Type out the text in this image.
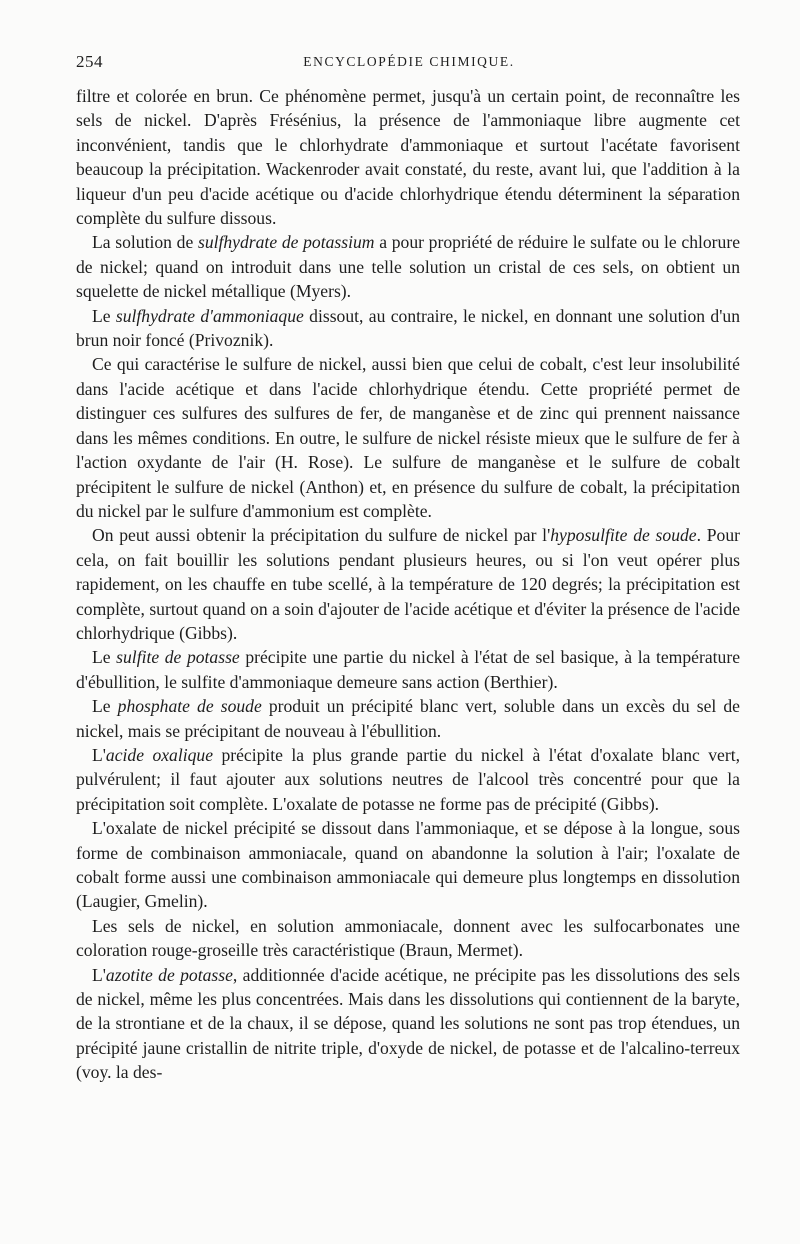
254	ENCYCLOPÉDIE CHIMIQUE.

filtre et colorée en brun. Ce phénomène permet, jusqu'à un certain point, de reconnaître les sels de nickel. D'après Frésénius, la présence de l'ammoniaque libre augmente cet inconvénient, tandis que le chlorhydrate d'ammoniaque et surtout l'acétate favorisent beaucoup la précipitation. Wackenroder avait constaté, du reste, avant lui, que l'addition à la liqueur d'un peu d'acide acétique ou d'acide chlorhydrique étendu déterminent la séparation complète du sulfure dissous.

La solution de sulfhydrate de potassium a pour propriété de réduire le sulfate ou le chlorure de nickel; quand on introduit dans une telle solution un cristal de ces sels, on obtient un squelette de nickel métallique (Myers).

Le sulfhydrate d'ammoniaque dissout, au contraire, le nickel, en donnant une solution d'un brun noir foncé (Privoznik).

Ce qui caractérise le sulfure de nickel, aussi bien que celui de cobalt, c'est leur insolubilité dans l'acide acétique et dans l'acide chlorhydrique étendu. Cette propriété permet de distinguer ces sulfures des sulfures de fer, de manganèse et de zinc qui prennent naissance dans les mêmes conditions. En outre, le sulfure de nickel résiste mieux que le sulfure de fer à l'action oxydante de l'air (H. Rose). Le sulfure de manganèse et le sulfure de cobalt précipitent le sulfure de nickel (Anthon) et, en présence du sulfure de cobalt, la précipitation du nickel par le sulfure d'ammonium est complète.

On peut aussi obtenir la précipitation du sulfure de nickel par l'hyposulfite de soude. Pour cela, on fait bouillir les solutions pendant plusieurs heures, ou si l'on veut opérer plus rapidement, on les chauffe en tube scellé, à la température de 120 degrés; la précipitation est complète, surtout quand on a soin d'ajouter de l'acide acétique et d'éviter la présence de l'acide chlorhydrique (Gibbs).

Le sulfite de potasse précipite une partie du nickel à l'état de sel basique, à la température d'ébullition, le sulfite d'ammoniaque demeure sans action (Berthier).

Le phosphate de soude produit un précipité blanc vert, soluble dans un excès du sel de nickel, mais se précipitant de nouveau à l'ébullition.

L'acide oxalique précipite la plus grande partie du nickel à l'état d'oxalate blanc vert, pulvérulent; il faut ajouter aux solutions neutres de l'alcool très concentré pour que la précipitation soit complète. L'oxalate de potasse ne forme pas de précipité (Gibbs).

L'oxalate de nickel précipité se dissout dans l'ammoniaque, et se dépose à la longue, sous forme de combinaison ammoniacale, quand on abandonne la solution à l'air; l'oxalate de cobalt forme aussi une combinaison ammoniacale qui demeure plus longtemps en dissolution (Laugier, Gmelin).

Les sels de nickel, en solution ammoniacale, donnent avec les sulfocarbonates une coloration rouge-groseille très caractéristique (Braun, Mermet).

L'azotite de potasse, additionnée d'acide acétique, ne précipite pas les dissolutions des sels de nickel, même les plus concentrées. Mais dans les dissolutions qui contiennent de la baryte, de la strontiane et de la chaux, il se dépose, quand les solutions ne sont pas trop étendues, un précipité jaune cristallin de nitrite triple, d'oxyde de nickel, de potasse et de l'alcalino-terreux (voy. la des-
